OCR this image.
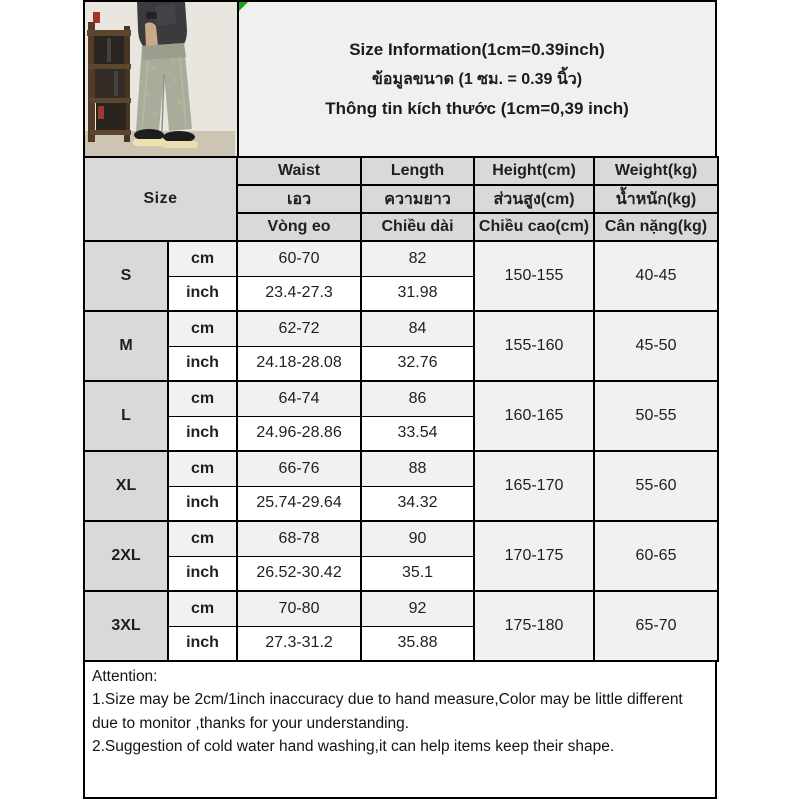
Size Information(1cm=0.39inch)
ข้อมูลขนาด (1 ซม. = 0.39 นิ้ว)
Thông tin kích thước (1cm=0,39 inch)
Size		Waist	Length	Height(cm)	Weight(kg)
		เอว	ความยาว	ส่วนสูง(cm)	น้ำหนัก(kg)
		Vòng eo	Chiều dài	Chiều cao(cm)	Cân nặng(kg)
S	cm	60-70	82	150-155	40-45
	inch	23.4-27.3	31.98		
M	cm	62-72	84	155-160	45-50
	inch	24.18-28.08	32.76		
L	cm	64-74	86	160-165	50-55
	inch	24.96-28.86	33.54		
XL	cm	66-76	88	165-170	55-60
	inch	25.74-29.64	34.32		
2XL	cm	68-78	90	170-175	60-65
	inch	26.52-30.42	35.1		
3XL	cm	70-80	92	175-180	65-70
	inch	27.3-31.2	35.88		
Attention:
1.Size may be 2cm/1inch inaccuracy due to hand measure,Color may be little different due to monitor ,thanks for your understanding.
2.Suggestion of cold water hand washing,it can help items keep their shape.
